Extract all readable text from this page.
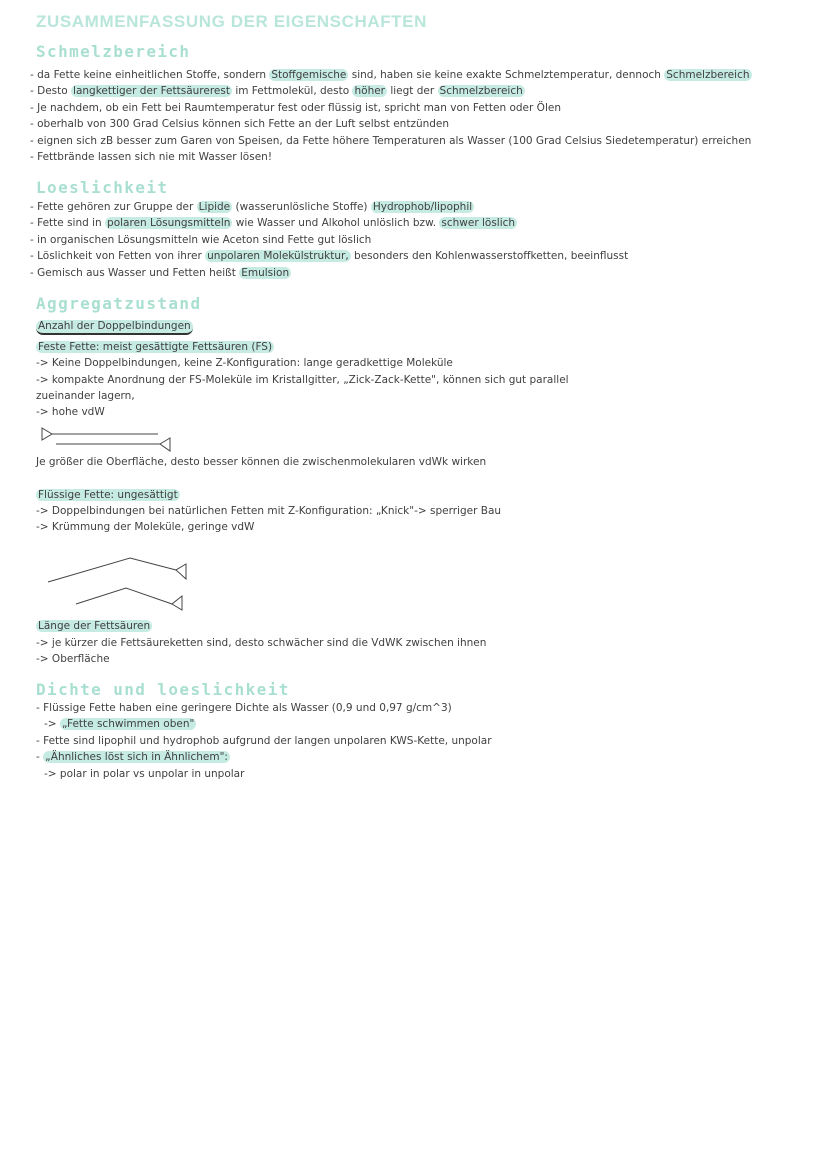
ZUSAMMENFASSUNG DER EIGENSCHAFTEN
Schmelzbereich
- da Fette keine einheitlichen Stoffe, sondern Stoffgemische sind, haben sie keine exakte Schmelztemperatur, dennoch Schmelzbereich
- Desto langkettiger der Fettsäurerest im Fettmolekül, desto höher liegt der Schmelzbereich
- Je nachdem, ob ein Fett bei Raumtemperatur fest oder flüssig ist, spricht man von Fetten oder Ölen
- oberhalb von 300 Grad Celsius können sich Fette an der Luft selbst entzünden
- eignen sich zB besser zum Garen von Speisen, da Fette höhere Temperaturen als Wasser (100 Grad Celsius Siedetemperatur) erreichen
- Fettbrände lassen sich nie mit Wasser lösen!
Loeslichkeit
- Fette gehören zur Gruppe der Lipide (wasserunlösliche Stoffe) Hydrophob/lipophil
- Fette sind in polaren Lösungsmitteln wie Wasser und Alkohol unlöslich bzw. schwer löslich
- in organischen Lösungsmitteln wie Aceton sind Fette gut löslich
- Löslichkeit von Fetten von ihrer unpolaren Molekülstruktur, besonders den Kohlenwasserstoffketten, beeinflusst
- Gemisch aus Wasser und Fetten heißt Emulsion
Aggregatzustand
Anzahl der Doppelbindungen
Feste Fette: meist gesättigte Fettsäuren (FS)
-> Keine Doppelbindungen, keine Z-Konfiguration: lange geradkettige Moleküle
-> kompakte Anordnung der FS-Moleküle im Kristallgitter, „Zick-Zack-Kette", können sich gut parallel
zueinander lagern,
-> hohe vdW
Je größer die Oberfläche, desto besser können die zwischenmolekularen vdWk wirken
Flüssige Fette: ungesättigt
-> Doppelbindungen bei natürlichen Fetten mit Z-Konfiguration: „Knick"-> sperriger Bau
-> Krümmung der Moleküle, geringe vdW
Länge der Fettsäuren
-> je kürzer die Fettsäureketten sind, desto schwächer sind die VdWK zwischen ihnen
-> Oberfläche
Dichte und loeslichkeit
- Flüssige Fette haben eine geringere Dichte als Wasser (0,9 und 0,97 g/cm^3)
-> „Fette schwimmen oben"
- Fette sind lipophil und hydrophob aufgrund der langen unpolaren KWS-Kette, unpolar
- „Ähnliches löst sich in Ähnlichem":
-> polar in polar vs unpolar in unpolar
